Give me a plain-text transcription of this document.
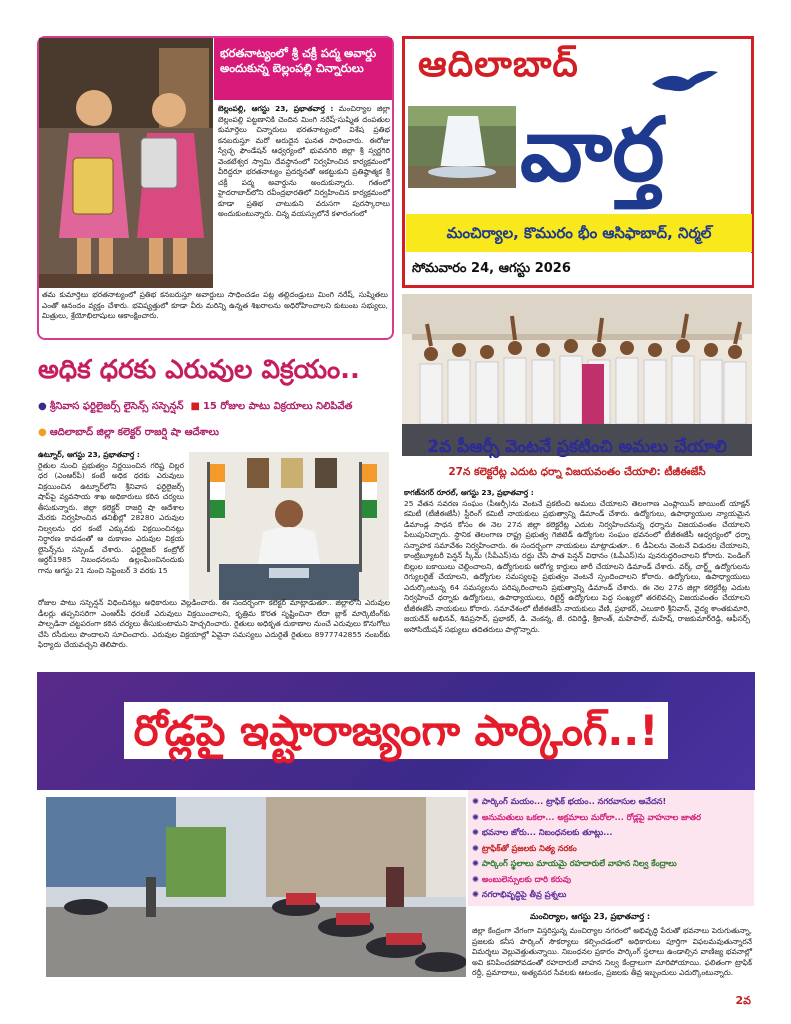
భరతనాట్యంలో శ్రీ చక్రీ పద్మ అవార్డు అందుకున్న బెల్లంపల్లి చిన్నారులు
బెల్లంపల్లి, ఆగస్టు 23, ప్రభాతవార్త : మంచిర్యాల జిల్లా బెల్లంపల్లి పట్టణానికి చెందిన మింగి నరేష్-సుష్మిత దంపతుల కుమార్తెలు చిన్నారులు భరతనాట్యంలో విశేష ప్రతిభ కనబరుస్తూ మరో అరుదైన ఘనత సాధించారు. ఈరోజు స్వేచ్ఛ ఫౌండేషన్ ఆధ్వర్యంలో భువనగిరి జిల్లా శ్రీ స్వర్ణగిరి వెంకటేశ్వర స్వామి దేవస్థానంలో నిర్వహించిన కార్యక్రమంలో వీరిద్దరూ భరతనాట్యం ప్రదర్శనతో ఆకట్టుకుని ప్రతిష్ఠాత్మక శ్రీ చక్రీ పద్మ అవార్డును అందుకున్నారు. గతంలో హైదరాబాద్‌లోని రవీంద్రభారతిలో నిర్వహించిన కార్యక్రమంలో కూడా ప్రతిభ చాటుకుని వరుసగా పురస్కారాలు అందుకుంటున్నారు. చిన్న వయస్సులోనే కళారంగంలో
తమ కుమార్తెలు భరతనాట్యంలో ప్రతిభ కనబరుస్తూ అవార్డులు సాధించడం పట్ల తల్లిదండ్రులు మింగి నరేష్, సుష్మితలు ఎంతో ఆనందం వ్యక్తం చేశారు. భవిష్యత్తులో కూడా వీరు మరిన్ని ఉన్నత శిఖరాలను అధిరోహించాలని కుటుంబ సభ్యులు, మిత్రులు, శ్రేయోభిలాషులు ఆకాంక్షించారు.
ఆదిలాబాద్
వార్త
మంచిర్యాల, కొమురం భీం ఆసిఫాబాద్, నిర్మల్
సోమవారం 24, ఆగస్టు 2026
అధిక ధరకు ఎరువుల విక్రయం..
● శ్రీనివాస ఫర్టిలైజర్స్ లైసెన్స్ సస్పెన్షన్ ■ 15 రోజుల పాటు విక్రయాలు నిలిపివేత
● ఆదిలాబాద్ జిల్లా కలెక్టర్ రాజర్షి షా ఆదేశాలు
ఉట్నూర్, ఆగస్టు 23, ప్రభాతవార్త :
రైతుల నుంచి ప్రభుత్వం నిర్ణయించిన గరిష్ట చిల్లర ధర (ఎంఆర్‌పీ) కంటే అధిక ధరకు ఎరువులు విక్రయించిన ఉట్నూర్‌లోని శ్రీనివాస ఫర్టిలైజర్స్ షాప్‌పై వ్యవసాయ శాఖ అధికారులు కఠిన చర్యలు తీసుకున్నారు. జిల్లా కలెక్టర్ రాజర్షి షా ఆదేశాల మేరకు నిర్వహించిన తనిఖీల్లో 28280 ఎరువుల నిల్వలను ధర కంటే ఎక్కువకు విక్రయించినట్లు నిర్ధారణ కావడంతో ఆ దుకాణం ఎరువుల విక్రయ లైసెన్స్‌ను సస్పెండ్ చేశారు. ఫర్టిలైజర్ కంట్రోల్ ఆర్డర్1985 నిబంధనలను ఉల్లంఘించినందుకు గాను ఆగస్టు 21 నుంచి సెప్టెంబర్ 3 వరకు 15
రోజుల పాటు సస్పెన్షన్ విధించినట్లు అధికారులు వెల్లడించారు. ఈ సందర్భంగా కలెక్టర్ మాట్లాడుతూ.. జిల్లాలోని ఎరువుల డీలర్లు తప్పనిసరిగా ఎంఆర్‌పీ ధరలకే ఎరువులు విక్రయించాలని, కృత్రిమ కొరత సృష్టించినా లేదా బ్లాక్ మార్కెటింగ్‌కు పాల్పడినా చట్టపరంగా కఠిన చర్యలు తీసుకుంటామని హెచ్చరించారు. రైతులు అధికృత దుకాణాల నుంచే ఎరువులు కొనుగోలు చేసి రసీదులు పొందాలని సూచించారు. ఎరువుల విక్రయాల్లో ఏవైనా సమస్యలు ఎదురైతే రైతులు 8977742855 నంబర్‌కు ఫిర్యాదు చేయవచ్చని తెలిపారు.
2వ పీఆర్సీ వెంటనే ప్రకటించి అమలు చేయాలి
27న కలెక్టరేట్ల ఎదుట ధర్నా విజయవంతం చేయాలి: టీజీఈజేసీ
కాగజ్‌నగర్ రూరల్, ఆగస్టు 23, ప్రభాతవార్త :
25 వేతన సవరణ సంఘం (పీఆర్సీ)ను వెంటనే ప్రకటించి అమలు చేయాలని తెలంగాణ ఎంప్లాయిస్ జాయింట్ యాక్షన్ కమిటీ (టీజీఈజేసీ) స్టీరింగ్ కమిటీ నాయకులు ప్రభుత్వాన్ని డిమాండ్ చేశారు. ఉద్యోగులు, ఉపాధ్యాయుల న్యాయమైన డిమాండ్ల సాధన కోసం ఈ నెల 27న జిల్లా కలెక్టరేట్ల ఎదుట నిర్వహించనున్న ధర్నాను విజయవంతం చేయాలని పిలుపునిచ్చారు. స్థానిక తెలంగాణ రాష్ట్ర ప్రభుత్వ గెజిటెడ్ ఉద్యోగుల సంఘం భవనంలో టీజీఈజేసీ ఆధ్వర్యంలో ధర్నా సన్నాహక సమావేశం నిర్వహించారు. ఈ సందర్భంగా నాయకులు మాట్లాడుతూ.. 6 డీఏలను వెంటనే విడుదల చేయాలని, కాంట్రిబ్యూటరీ పెన్షన్ స్కీమ్ (సీపీఎస్)ను రద్దు చేసి పాత పెన్షన్ విధానం (ఓపీఎస్)ను పునరుద్ధరించాలని కోరారు. పెండింగ్ బిల్లుల బకాయిలు చెల్లించాలని, ఉద్యోగులకు ఆరోగ్య కార్డులు జారీ చేయాలని డిమాండ్ చేశారు. వర్క్ చార్జ్డ్ ఉద్యోగులను రెగ్యులరైజ్ చేయాలని, ఉద్యోగుల సమస్యలపై ప్రభుత్వం వెంటనే స్పందించాలని కోరారు. ఉద్యోగులు, ఉపాధ్యాయులు ఎదుర్కొంటున్న 64 సమస్యలను పరిష్కరించాలని ప్రభుత్వాన్ని డిమాండ్ చేశారు. ఈ నెల 27న జిల్లా కలెక్టరేట్ల ఎదుట నిర్వహించే ధర్నాకు ఉద్యోగులు, ఉపాధ్యాయులు, రిటైర్డ్ ఉద్యోగులు పెద్ద సంఖ్యలో తరలివచ్చి విజయవంతం చేయాలని టీజీఈజేసీ నాయకులు కోరారు. సమావేశంలో టీజీఈజేసీ నాయకులు వేణి, ప్రభాకర్, ఎలుకారి శ్రీనివాస్, వైద్య శాంతకుమారి, జయదేవ్ అభినవ్, శివప్రసాద్, ప్రభాకర్, డి. వెంకన్న, జే. రవిరెడ్డి, శ్రీకాంత్, మహిపాల్, మహేష్, రాజకుమార్‌రెడ్డి, ఆఫీసర్స్ అసోసియేషన్ సభ్యులు తదితరులు పాల్గొన్నారు.
రోడ్లపై ఇష్టారాజ్యంగా పార్కింగ్..!
✺ పార్కింగ్ మయం... ట్రాఫిక్ భయం.. నగరవాసుల ఆవేదన!
✺ అనుమతులు ఒకలా... అక్రమాలు మరోలా... రోడ్లపై వాహనాల జాతర
✺ భవనాల జోరు... నిబంధనలకు తూట్లు...
✺ ట్రాఫిక్‌తో ప్రజలకు నిత్య నరకం
✺ పార్కింగ్ స్థలాలు మాయమై రహదారులే వాహన నిల్వ కేంద్రాలు
✺ అంబులెన్సులకు దారి కరువు
✺ నగరాభివృద్ధిపై తీవ్ర ప్రశ్నలు
మంచిర్యాల, ఆగస్టు 23, ప్రభాతవార్త :
జిల్లా కేంద్రంగా వేగంగా విస్తరిస్తున్న మంచిర్యాల నగరంలో అభివృద్ధి పేరుతో భవనాలు పెరుగుతున్నా, ప్రజలకు కనీస పార్కింగ్ సౌకర్యాలు కల్పించడంలో అధికారులు పూర్తిగా విఫలమవుతున్నారనే విమర్శలు వెల్లువెత్తుతున్నాయి. నిబంధనల ప్రకారం పార్కింగ్ స్థలాలు ఉండాల్సిన వాణిజ్య భవనాల్లో అవి కనిపించకపోవడంతో రహదారులే వాహన నిల్వ కేంద్రాలుగా మారిపోయాయి. ఫలితంగా ట్రాఫిక్ రద్దీ, ప్రమాదాలు, అత్యవసర సేవలకు ఆటంకం, ప్రజలకు తీవ్ర ఇబ్బందులు ఎదుర్కొంటున్నారు.
2వ
